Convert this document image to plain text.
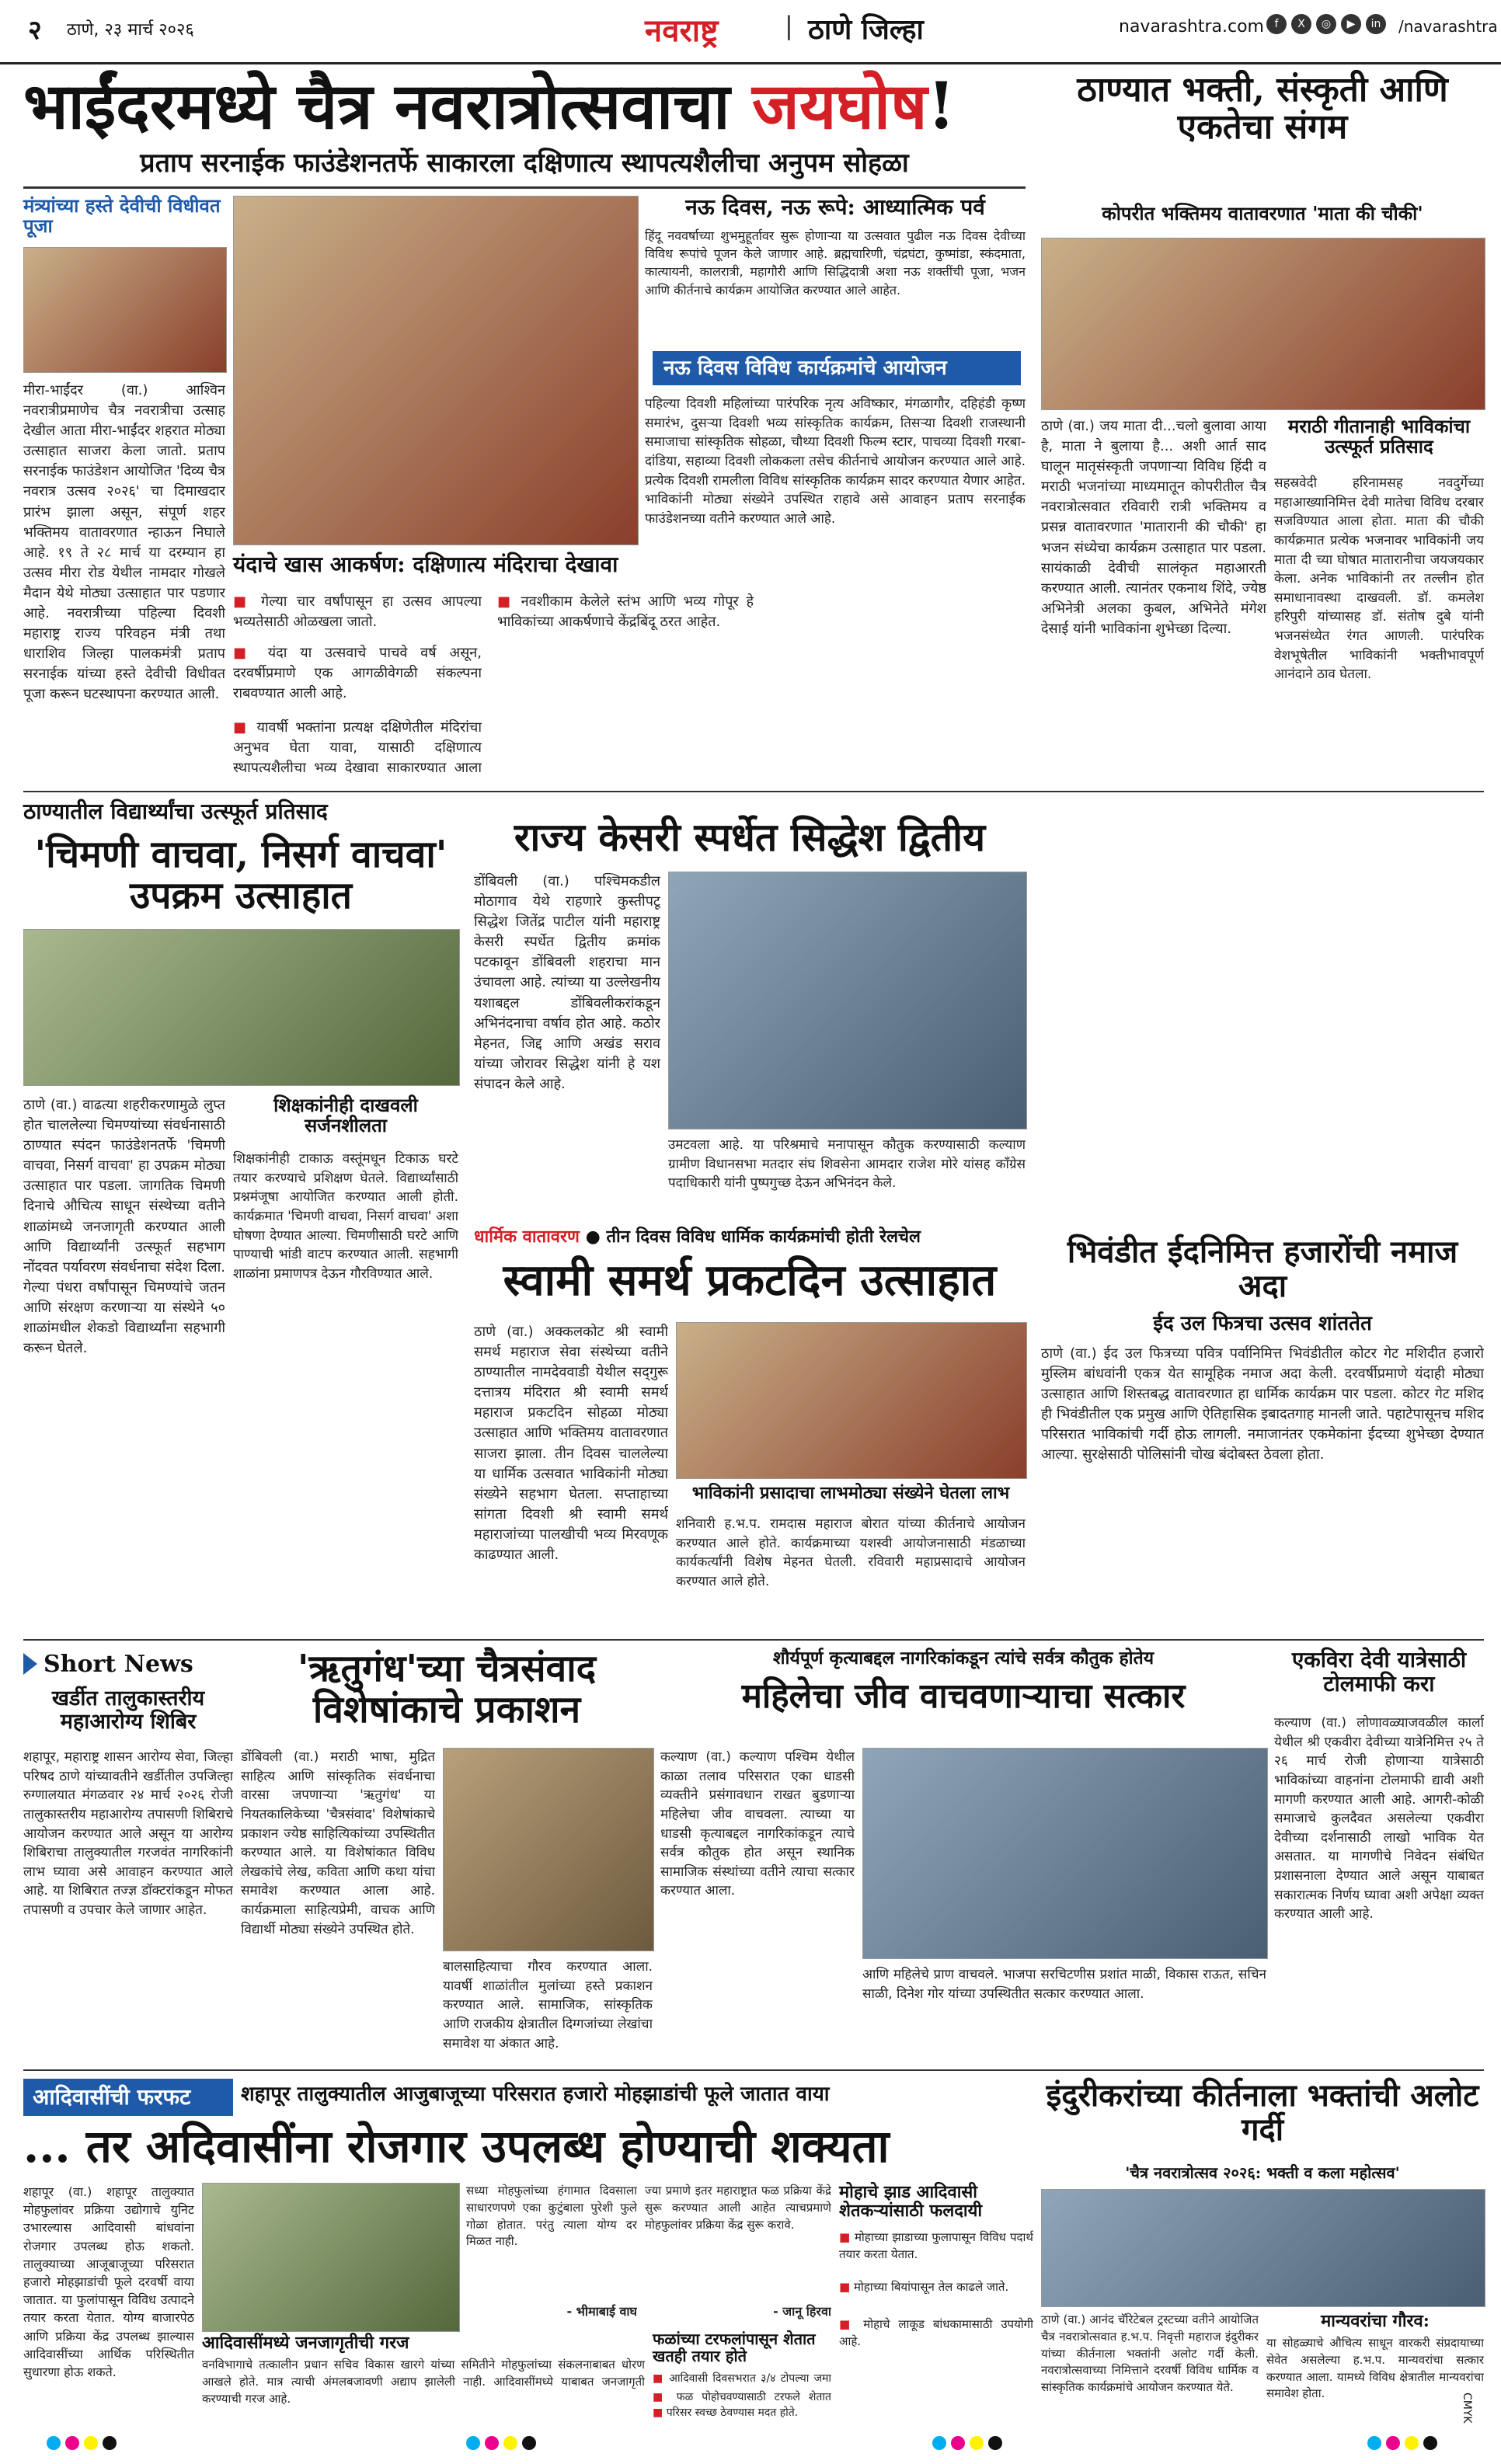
२ ठाणे, २३ मार्च २०२६	नवराष्ट्र	| ठाणे जिल्हा	navarashtra.com f	X	◎	▶	in	/navarashtra
भाईंदरमध्ये चैत्र नवरात्रोत्सवाचा जयघोष!
प्रताप सरनाईक फाउंडेशनतर्फे साकारला दक्षिणात्य स्थापत्यशैलीचा अनुपम सोहळा
मंत्र्यांच्या हस्ते देवीची विधीवत पूजा
मीरा-भाईंदर (वा.) आश्विन नवरात्रीप्रमाणेच चैत्र नवरात्रीचा उत्साह देखील आता मीरा-भाईंदर शहरात मोठ्या उत्साहात साजरा केला जातो. प्रताप सरनाईक फाउंडेशन आयोजित 'दिव्य चैत्र नवरात्र उत्सव २०२६' चा दिमाखदार प्रारंभ झाला असून, संपूर्ण शहर भक्तिमय वातावरणात न्हाऊन निघाले आहे. १९ ते २८ मार्च या दरम्यान हा उत्सव मीरा रोड येथील नामदार गोखले मैदान येथे मोठ्या उत्साहात पार पडणार आहे. नवरात्रीच्या पहिल्या दिवशी महाराष्ट्र राज्य परिवहन मंत्री तथा धाराशिव जिल्हा पालकमंत्री प्रताप सरनाईक यांच्या हस्ते देवीची विधीवत पूजा करून घटस्थापना करण्यात आली.
यंदाचे खास आकर्षण: दक्षिणात्य मंदिराचा देखावा
■ गेल्या चार वर्षांपासून हा उत्सव आपल्या भव्यतेसाठी ओळखला जातो.
■ यंदा या उत्सवाचे पाचवे वर्ष असून, दरवर्षीप्रमाणे एक आगळीवेगळी संकल्पना राबवण्यात आली आहे.
■ यावर्षी भक्तांना प्रत्यक्ष दक्षिणेतील मंदिरांचा अनुभव घेता यावा, यासाठी दक्षिणात्य स्थापत्यशैलीचा भव्य देखावा साकारण्यात आला
■ नवशीकाम केलेले स्तंभ आणि भव्य गोपूर हे भाविकांच्या आकर्षणाचे केंद्रबिंदू ठरत आहेत.
नऊ दिवस, नऊ रूपे: आध्यात्मिक पर्व
हिंदू नववर्षाच्या शुभमुहूर्तावर सुरू होणाऱ्या या उत्सवात पुढील नऊ दिवस देवीच्या विविध रूपांचे पूजन केले जाणार आहे. ब्रह्मचारिणी, चंद्रघंटा, कुष्मांडा, स्कंदमाता, कात्यायनी, कालरात्री, महागौरी आणि सिद्धिदात्री अशा नऊ शक्तींची पूजा, भजन आणि कीर्तनाचे कार्यक्रम आयोजित करण्यात आले आहेत.
नऊ दिवस विविध कार्यक्रमांचे आयोजन
पहिल्या दिवशी महिलांच्या पारंपरिक नृत्य अविष्कार, मंगळागौर, दहिहंडी कृष्ण समारंभ, दुसऱ्या दिवशी भव्य सांस्कृतिक कार्यक्रम, तिसऱ्या दिवशी राजस्थानी समाजाचा सांस्कृतिक सोहळा, चौथ्या दिवशी फिल्म स्टार, पाचव्या दिवशी गरबा-दांडिया, सहाव्या दिवशी लोककला तसेच कीर्तनाचे आयोजन करण्यात आले आहे. प्रत्येक दिवशी रामलीला विविध सांस्कृतिक कार्यक्रम सादर करण्यात येणार आहेत. भाविकांनी मोठ्या संख्येने उपस्थित राहावे असे आवाहन प्रताप सरनाईक फाउंडेशनच्या वतीने करण्यात आले आहे.
ठाण्यात भक्ती, संस्कृती आणि एकतेचा संगम
कोपरीत भक्तिमय वातावरणात 'माता की चौकी'
ठाणे (वा.) जय माता दी...चलो बुलावा आया है, माता ने बुलाया है... अशी आर्त साद घालून मातृसंस्कृती जपणाऱ्या विविध हिंदी व मराठी भजनांच्या माध्यमातून कोपरीतील चैत्र नवरात्रोत्सवात रविवारी रात्री भक्तिमय व प्रसन्न वातावरणात 'मातारानी की चौकी' हा भजन संध्येचा कार्यक्रम उत्साहात पार पडला. सायंकाळी देवीची सालंकृत महाआरती करण्यात आली. त्यानंतर एकनाथ शिंदे, ज्येष्ठ अभिनेत्री अलका कुबल, अभिनेते मंगेश देसाई यांनी भाविकांना शुभेच्छा दिल्या.
मराठी गीतानाही भाविकांचा उत्स्फूर्त प्रतिसाद
सहस्रवेदी हरिनामसह नवदुर्गेच्या महाआख्यानिमित्त देवी मातेचा विविध दरबार सजविण्यात आला होता. माता की चौकी कार्यक्रमात प्रत्येक भजनावर भाविकांनी जय माता दी च्या घोषात मातारानीचा जयजयकार केला. अनेक भाविकांनी तर तल्लीन होत समाधानावस्था दाखवली. डॉ. कमलेश हरिपुरी यांच्यासह डॉ. संतोष दुबे यांनी भजनसंध्येत रंगत आणली. पारंपरिक वेशभूषेतील भाविकांनी भक्तीभावपूर्ण आनंदाने ठाव घेतला.
ठाण्यातील विद्यार्थ्यांचा उत्स्फूर्त प्रतिसाद
'चिमणी वाचवा, निसर्ग वाचवा' उपक्रम उत्साहात
ठाणे (वा.) वाढत्या शहरीकरणामुळे लुप्त होत चाललेल्या चिमण्यांच्या संवर्धनासाठी ठाण्यात स्पंदन फाउंडेशनतर्फे 'चिमणी वाचवा, निसर्ग वाचवा' हा उपक्रम मोठ्या उत्साहात पार पडला. जागतिक चिमणी दिनाचे औचित्य साधून संस्थेच्या वतीने शाळांमध्ये जनजागृती करण्यात आली आणि विद्यार्थ्यांनी उत्स्फूर्त सहभाग नोंदवत पर्यावरण संवर्धनाचा संदेश दिला. गेल्या पंधरा वर्षांपासून चिमण्यांचे जतन आणि संरक्षण करणाऱ्या या संस्थेने ५० शाळांमधील शेकडो विद्यार्थ्यांना सहभागी करून घेतले.
शिक्षकांनीही दाखवली सर्जनशीलता
शिक्षकांनीही टाकाऊ वस्तूंमधून टिकाऊ घरटे तयार करण्याचे प्रशिक्षण घेतले. विद्यार्थ्यांसाठी प्रश्नमंजूषा आयोजित करण्यात आली होती. कार्यक्रमात 'चिमणी वाचवा, निसर्ग वाचवा' अशा घोषणा देण्यात आल्या. चिमणीसाठी घरटे आणि पाण्याची भांडी वाटप करण्यात आली. सहभागी शाळांना प्रमाणपत्र देऊन गौरविण्यात आले.
राज्य केसरी स्पर्धेत सिद्धेश द्वितीय
डोंबिवली (वा.) पश्चिमकडील मोठागाव येथे राहणारे कुस्तीपटू सिद्धेश जितेंद्र पाटील यांनी महाराष्ट्र केसरी स्पर्धेत द्वितीय क्रमांक पटकावून डोंबिवली शहराचा मान उंचावला आहे. त्यांच्या या उल्लेखनीय यशाबद्दल डोंबिवलीकरांकडून अभिनंदनाचा वर्षाव होत आहे. कठोर मेहनत, जिद्द आणि अखंड सराव यांच्या जोरावर सिद्धेश यांनी हे यश संपादन केले आहे.
उमटवला आहे. या परिश्रमाचे मनापासून कौतुक करण्यासाठी कल्याण ग्रामीण विधानसभा मतदार संघ शिवसेना आमदार राजेश मोरे यांसह कॉंग्रेस पदाधिकारी यांनी पुष्पगुच्छ देऊन अभिनंदन केले.
धार्मिक वातावरण ● तीन दिवस विविध धार्मिक कार्यक्रमांची होती रेलचेल
स्वामी समर्थ प्रकटदिन उत्साहात
ठाणे (वा.) अक्कलकोट श्री स्वामी समर्थ महाराज सेवा संस्थेच्या वतीने ठाण्यातील नामदेववाडी येथील सद्‌गुरू दत्तात्रय मंदिरात श्री स्वामी समर्थ महाराज प्रकटदिन सोहळा मोठ्या उत्साहात आणि भक्तिमय वातावरणात साजरा झाला. तीन दिवस चाललेल्या या धार्मिक उत्सवात भाविकांनी मोठ्या संख्येने सहभाग घेतला. सप्ताहाच्या सांगता दिवशी श्री स्वामी समर्थ महाराजांच्या पालखीची भव्य मिरवणूक काढण्यात आली.
भाविकांनी प्रसादाचा लाभमोठ्या संख्येने घेतला लाभ
शनिवारी ह.भ.प. रामदास महाराज बोरात यांच्या कीर्तनाचे आयोजन करण्यात आले होते. कार्यक्रमाच्या यशस्वी आयोजनासाठी मंडळाच्या कार्यकर्त्यांनी विशेष मेहनत घेतली. रविवारी महाप्रसादाचे आयोजन करण्यात आले होते.
भिवंडीत ईदनिमित्त हजारोंची नमाज अदा
ईद उल फित्रचा उत्सव शांततेत
ठाणे (वा.) ईद उल फित्रच्या पवित्र पर्वानिमित्त भिवंडीतील कोटर गेट मशिदीत हजारो मुस्लिम बांधवांनी एकत्र येत सामूहिक नमाज अदा केली. दरवर्षीप्रमाणे यंदाही मोठ्या उत्साहात आणि शिस्तबद्ध वातावरणात हा धार्मिक कार्यक्रम पार पडला. कोटर गेट मशिद ही भिवंडीतील एक प्रमुख आणि ऐतिहासिक इबादतगाह मानली जाते. पहाटेपासूनच मशिद परिसरात भाविकांची गर्दी होऊ लागली. नमाजानंतर एकमेकांना ईदच्या शुभेच्छा देण्यात आल्या. सुरक्षेसाठी पोलिसांनी चोख बंदोबस्त ठेवला होता.
Short News
खर्डीत तालुकास्तरीय महाआरोग्य शिबिर
शहापूर, महाराष्ट्र शासन आरोग्य सेवा, जिल्हा परिषद ठाणे यांच्यावतीने खर्डीतील उपजिल्हा रुग्णालयात मंगळवार २४ मार्च २०२६ रोजी तालुकास्तरीय महाआरोग्य तपासणी शिबिराचे आयोजन करण्यात आले असून या आरोग्य शिबिराचा तालुक्यातील गरजवंत नागरिकांनी लाभ घ्यावा असे आवाहन करण्यात आले आहे. या शिबिरात तज्ज्ञ डॉक्टरांकडून मोफत तपासणी व उपचार केले जाणार आहेत.
'ऋतुगंध'च्या चैत्रसंवाद विशेषांकाचे प्रकाशन
डोंबिवली (वा.) मराठी भाषा, मुद्रित साहित्य आणि सांस्कृतिक संवर्धनाचा वारसा जपणाऱ्या 'ऋतुगंध' या नियतकालिकेच्या 'चैत्रसंवाद' विशेषांकाचे प्रकाशन ज्येष्ठ साहित्यिकांच्या उपस्थितीत करण्यात आले. या विशेषांकात विविध लेखकांचे लेख, कविता आणि कथा यांचा समावेश करण्यात आला आहे. कार्यक्रमाला साहित्यप्रेमी, वाचक आणि विद्यार्थी मोठ्या संख्येने उपस्थित होते.
बालसाहित्याचा गौरव करण्यात आला. यावर्षी शाळांतील मुलांच्या हस्ते प्रकाशन करण्यात आले. सामाजिक, सांस्कृतिक आणि राजकीय क्षेत्रातील दिग्गजांच्या लेखांचा समावेश या अंकात आहे.
शौर्यपूर्ण कृत्याबद्दल नागरिकांकडून त्यांचे सर्वत्र कौतुक होतेय
महिलेचा जीव वाचवणाऱ्याचा सत्कार
कल्याण (वा.) कल्याण पश्चिम येथील काळा तलाव परिसरात एका धाडसी व्यक्तीने प्रसंगावधान राखत बुडणाऱ्या महिलेचा जीव वाचवला. त्याच्या या धाडसी कृत्याबद्दल नागरिकांकडून त्याचे सर्वत्र कौतुक होत असून स्थानिक सामाजिक संस्थांच्या वतीने त्याचा सत्कार करण्यात आला.
आणि महिलेचे प्राण वाचवले. भाजपा सरचिटणीस प्रशांत माळी, विकास राऊत, सचिन साळी, दिनेश गोर यांच्या उपस्थितीत सत्कार करण्यात आला.
एकविरा देवी यात्रेसाठी टोलमाफी करा
कल्याण (वा.) लोणावळ्याजवळील कार्ला येथील श्री एकवीरा देवीच्या यात्रेनिमित्त २५ ते २६ मार्च रोजी होणाऱ्या यात्रेसाठी भाविकांच्या वाहनांना टोलमाफी द्यावी अशी मागणी करण्यात आली आहे. आगरी-कोळी समाजाचे कुलदैवत असलेल्या एकवीरा देवीच्या दर्शनासाठी लाखो भाविक येत असतात. या मागणीचे निवेदन संबंधित प्रशासनाला देण्यात आले असून याबाबत सकारात्मक निर्णय घ्यावा अशी अपेक्षा व्यक्त करण्यात आली आहे.
आदिवासींची फरफट	शहापूर तालुक्यातील आजुबाजूच्या परिसरात हजारो मोहझाडांची फूले जातात वाया
... तर अदिवासींना रोजगार उपलब्ध होण्याची शक्यता
शहापूर (वा.) शहापूर तालुक्यात मोहफुलांवर प्रक्रिया उद्योगाचे युनिट उभारल्यास आदिवासी बांधवांना रोजगार उपलब्ध होऊ शकतो. तालुक्याच्या आजूबाजूच्या परिसरात हजारो मोहझाडांची फूले दरवर्षी वाया जातात. या फुलांपासून विविध उत्पादने तयार करता येतात. योग्य बाजारपेठ आणि प्रक्रिया केंद्र उपलब्ध झाल्यास आदिवासींच्या आर्थिक परिस्थितीत सुधारणा होऊ शकते.
सध्या मोहफुलांच्या हंगामात दिवसाला साधारणपणे एका कुटुंबाला पुरेशी फुले गोळा होतात. परंतु त्याला योग्य दर मिळत नाही.
- भीमाबाई वाघ
ज्या प्रमाणे इतर महाराष्ट्रात फळ प्रक्रिया केंद्रे सुरू करण्यात आली आहेत त्याचप्रमाणे मोहफुलांवर प्रक्रिया केंद्र सुरू करावे.
- जानू हिरवा
आदिवासींमध्ये जनजागृतीची गरज
वनविभागाचे तत्कालीन प्रधान सचिव विकास खारगे यांच्या समितीने मोहफुलांच्या संकलनाबाबत धोरण आखले होते. मात्र त्याची अंमलबजावणी अद्याप झालेली नाही. आदिवासींमध्ये याबाबत जनजागृती करण्याची गरज आहे.
फळांच्या टरफलांपासून शेतात खतही तयार होते
■ आदिवासी दिवसभरात ३/४ टोपल्या जमा
■ फळ पोहोचवण्यासाठी टरफले शेतात
■ परिसर स्वच्छ ठेवण्यास मदत होते.
मोहाचे झाड आदिवासी शेतकऱ्यांसाठी फलदायी
■ मोहाच्या झाडाच्या फुलापासून विविध पदार्थ तयार करता येतात.
■ मोहाच्या बियांपासून तेल काढले जाते.
■ मोहाचे लाकूड बांधकामासाठी उपयोगी आहे.
इंदुरीकरांच्या कीर्तनाला भक्तांची अलोट गर्दी
'चैत्र नवरात्रोत्सव २०२६: भक्ती व कला महोत्सव'
ठाणे (वा.) आनंद चॅरिटेबल ट्रस्टच्या वतीने आयोजित चैत्र नवरात्रोत्सवात ह.भ.प. निवृत्ती महाराज इंदुरीकर यांच्या कीर्तनाला भक्तांनी अलोट गर्दी केली. नवरात्रोत्सवाच्या निमित्ताने दरवर्षी विविध धार्मिक व सांस्कृतिक कार्यक्रमांचे आयोजन करण्यात येते.
मान्यवरांचा गौरव:
या सोहळ्याचे औचित्य साधून वारकरी संप्रदायाच्या सेवेत असलेल्या ह.भ.प. मान्यवरांचा सत्कार करण्यात आला. यामध्ये विविध क्षेत्रातील मान्यवरांचा समावेश होता.	CMYK
